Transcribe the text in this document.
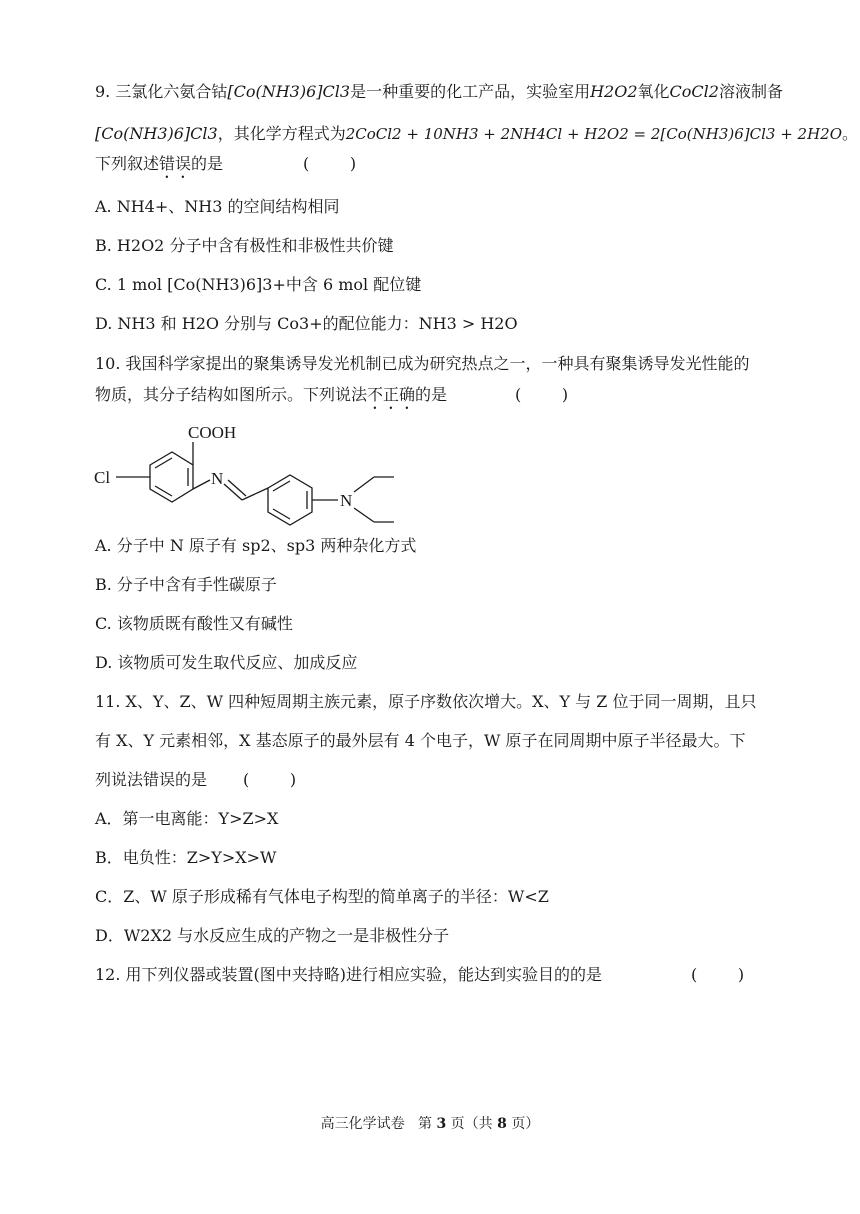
9. 三氯化六氨合钴[Co(NH3)6]Cl3是一种重要的化工产品，实验室用H2O2氧化CoCl2溶液制备
[Co(NH3)6]Cl3，其化学方程式为2CoCl2 + 10NH3 + 2NH4Cl + H2O2 = 2[Co(NH3)6]Cl3 + 2H2O。
下列叙述错误的是	(        )
A. NH4+、NH3 的空间结构相同
B. H2O2 分子中含有极性和非极性共价键
C. 1 mol [Co(NH3)6]3+中含 6 mol 配位键
D. NH3 和 H2O 分别与 Co3+的配位能力：NH3 > H2O
10. 我国科学家提出的聚集诱导发光机制已成为研究热点之一，一种具有聚集诱导发光性能的
物质，其分子结构如图所示。下列说法不正确的是	(        )
COOH
Cl	N
N
A. 分子中 N 原子有 sp2、sp3 两种杂化方式
B. 分子中含有手性碳原子
C. 该物质既有酸性又有碱性
D. 该物质可发生取代反应、加成反应
11. X、Y、Z、W 四种短周期主族元素，原子序数依次增大。X、Y 与 Z 位于同一周期，且只
有 X、Y 元素相邻，X 基态原子的最外层有 4 个电子，W 原子在同周期中原子半径最大。下
列说法错误的是 (        )
A．第一电离能：Y>Z>X
B．电负性：Z>Y>X>W
C．Z、W 原子形成稀有气体电子构型的简单离子的半径：W<Z
D．W2X2 与水反应生成的产物之一是非极性分子
12. 用下列仪器或装置(图中夹持略)进行相应实验，能达到实验目的的是	(        )
高三化学试卷 第 3 页（共 8 页）
